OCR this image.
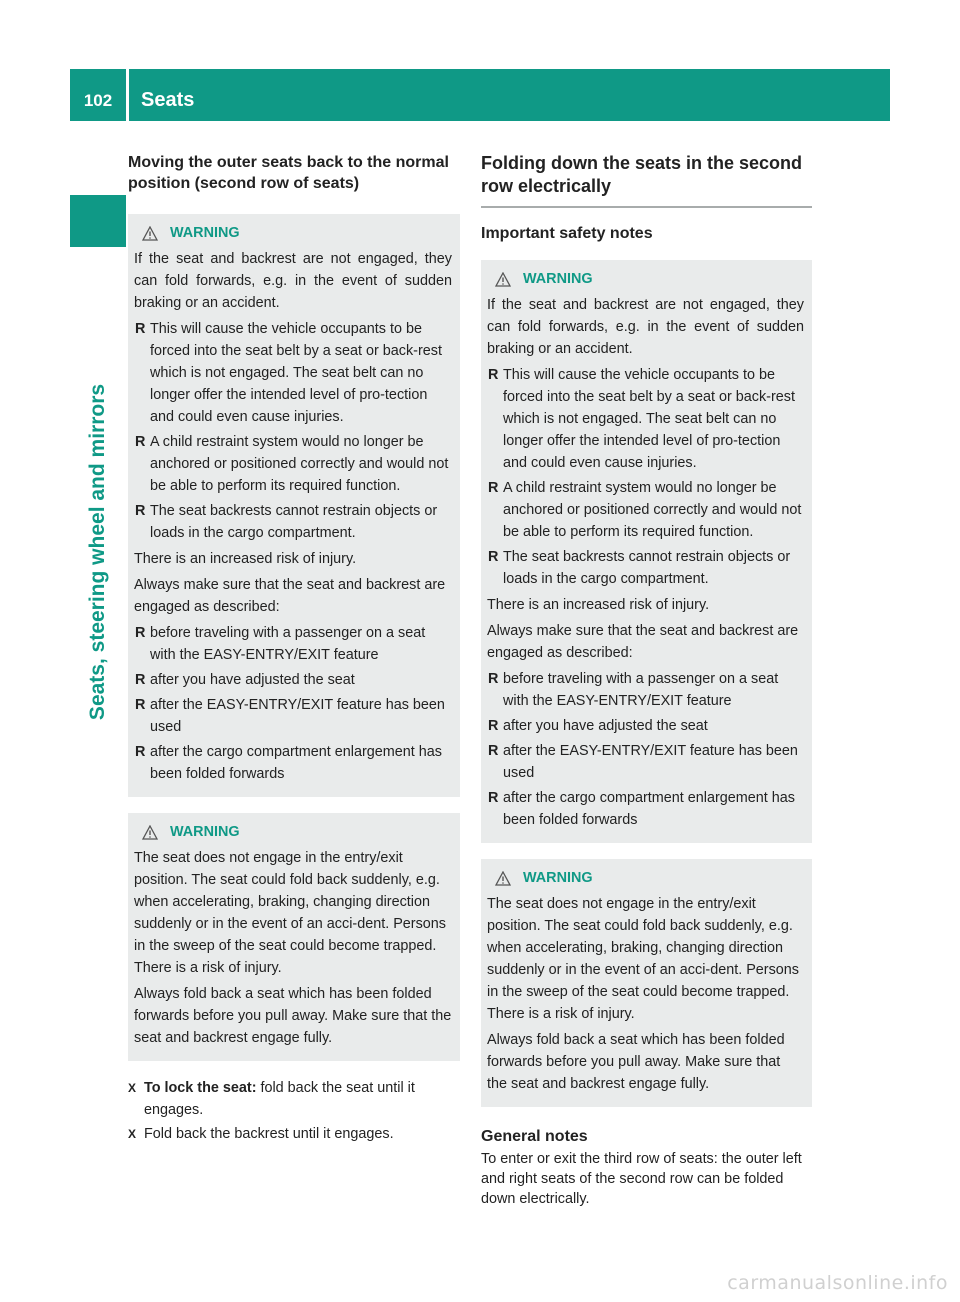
102	Seats
Seats, steering wheel and mirrors
Moving the outer seats back to the normal position (second row of seats)
WARNING

If the seat and backrest are not engaged, they can fold forwards, e.g. in the event of sudden braking or an accident.

R This will cause the vehicle occupants to be forced into the seat belt by a seat or back-rest which is not engaged. The seat belt can no longer offer the intended level of pro-tection and could even cause injuries.
R A child restraint system would no longer be anchored or positioned correctly and would not be able to perform its required function.
R The seat backrests cannot restrain objects or loads in the cargo compartment.

There is an increased risk of injury.

Always make sure that the seat and backrest are engaged as described:

R before traveling with a passenger on a seat with the EASY-ENTRY/EXIT feature
R after you have adjusted the seat
R after the EASY-ENTRY/EXIT feature has been used
R after the cargo compartment enlargement has been folded forwards
WARNING

The seat does not engage in the entry/exit position. The seat could fold back suddenly, e.g. when accelerating, braking, changing direction suddenly or in the event of an acci-dent. Persons in the sweep of the seat could become trapped. There is a risk of injury.

Always fold back a seat which has been folded forwards before you pull away. Make sure that the seat and backrest engage fully.

X To lock the seat: fold back the seat until it engages.
X Fold back the backrest until it engages.
Folding down the seats in the second row electrically
Important safety notes
WARNING

If the seat and backrest are not engaged, they can fold forwards, e.g. in the event of sudden braking or an accident.

R This will cause the vehicle occupants to be forced into the seat belt by a seat or back-rest which is not engaged. The seat belt can no longer offer the intended level of pro-tection and could even cause injuries.
R A child restraint system would no longer be anchored or positioned correctly and would not be able to perform its required function.
R The seat backrests cannot restrain objects or loads in the cargo compartment.

There is an increased risk of injury.

Always make sure that the seat and backrest are engaged as described:

R before traveling with a passenger on a seat with the EASY-ENTRY/EXIT feature
R after you have adjusted the seat
R after the EASY-ENTRY/EXIT feature has been used
R after the cargo compartment enlargement has been folded forwards
WARNING

The seat does not engage in the entry/exit position. The seat could fold back suddenly, e.g. when accelerating, braking, changing direction suddenly or in the event of an acci-dent. Persons in the sweep of the seat could become trapped. There is a risk of injury.

Always fold back a seat which has been folded forwards before you pull away. Make sure that the seat and backrest engage fully.

General notes

To enter or exit the third row of seats: the outer left and right seats of the second row can be folded down electrically.

carmanualsonline.info
